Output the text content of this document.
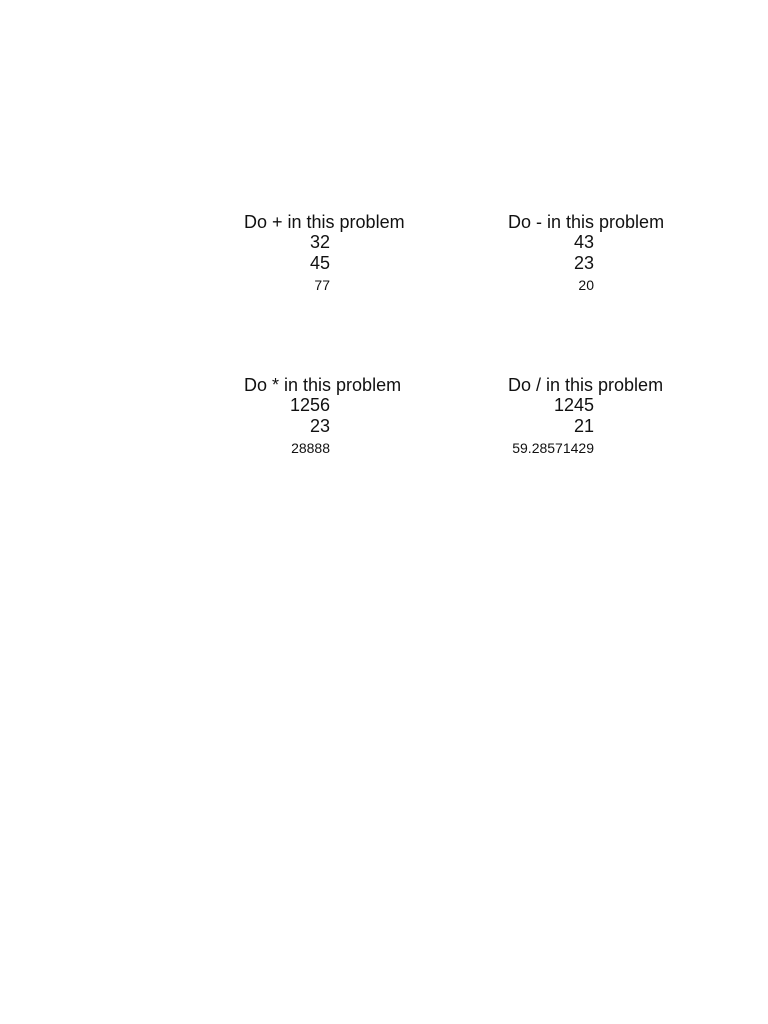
Do + in this problem
32
45
77
Do - in this problem
43
23
20
Do * in this problem
1256
23
28888
Do / in this problem
1245
21
59.28571429
